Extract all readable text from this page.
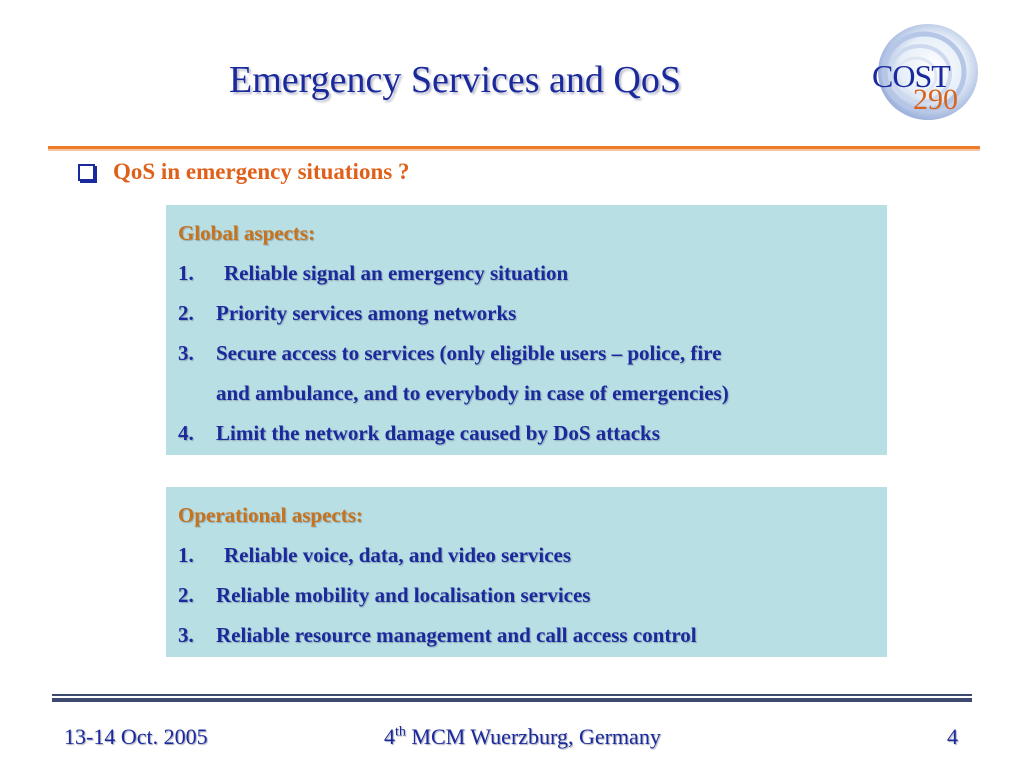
Emergency Services and QoS	COST
290
QoS in emergency situations ?
Global aspects:
1.	Reliable signal an emergency situation
2.	Priority services among networks
3.	Secure access to services (only eligible users – police, fire
and ambulance, and to everybody in case of emergencies)
4.	Limit the network damage caused by DoS attacks
Operational aspects:
1.	Reliable voice, data, and video services
2.	Reliable mobility and localisation services
3.	Reliable resource management and call access control
13-14 Oct. 2005	4th MCM Wuerzburg, Germany	4
